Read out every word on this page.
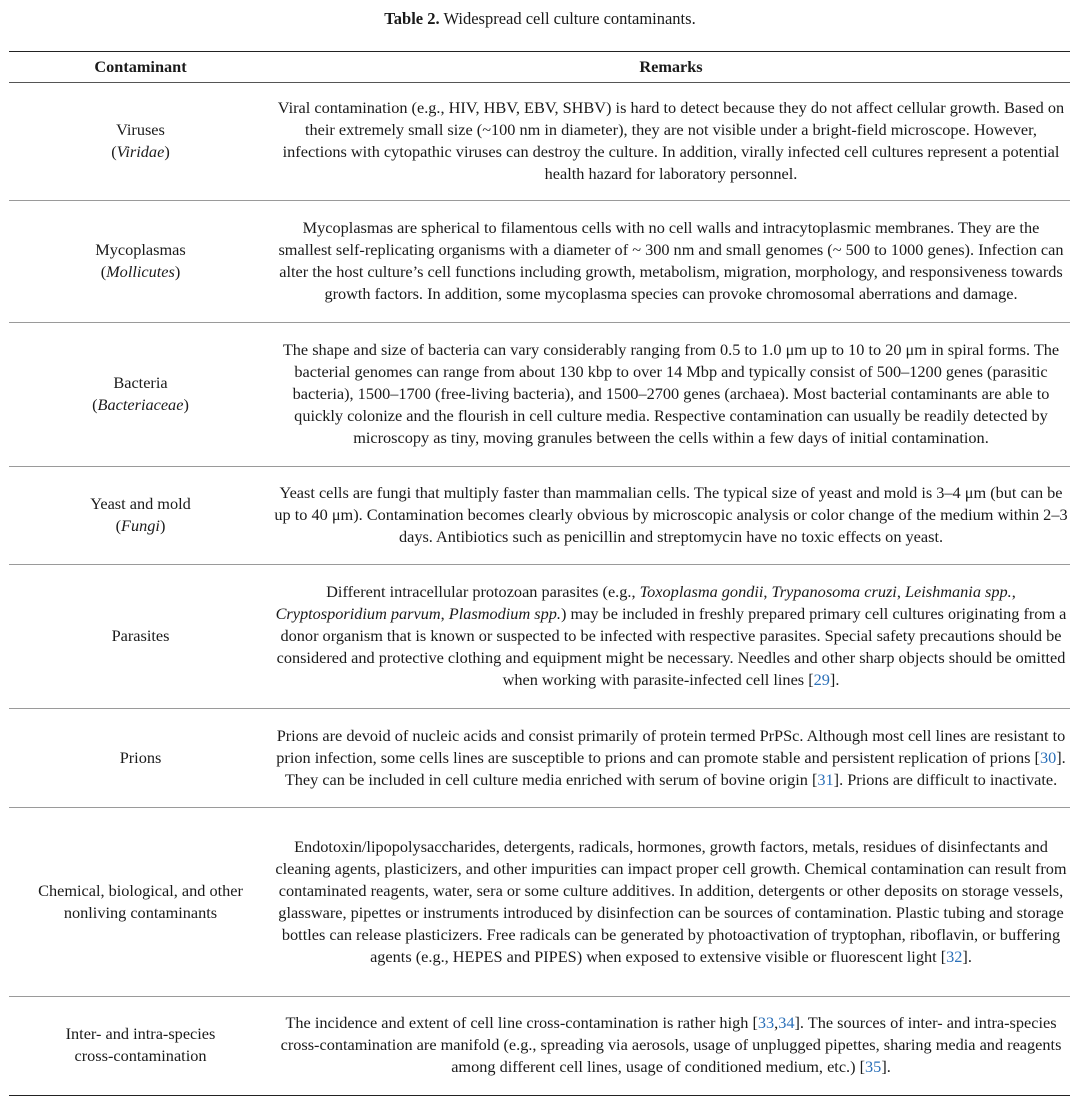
Table 2. Widespread cell culture contaminants.
Contaminant	Remarks
Viruses
(Viridae)	Viral contamination (e.g., HIV, HBV, EBV, SHBV) is hard to detect because they do not affect cellular growth. Based on their extremely small size (~100 nm in diameter), they are not visible under a bright-field microscope. However, infections with cytopathic viruses can destroy the culture. In addition, virally infected cell cultures represent a potential health hazard for laboratory personnel.
Mycoplasmas
(Mollicutes)	Mycoplasmas are spherical to filamentous cells with no cell walls and intracytoplasmic membranes. They are the smallest self-replicating organisms with a diameter of ~ 300 nm and small genomes (~ 500 to 1000 genes). Infection can alter the host culture’s cell functions including growth, metabolism, migration, morphology, and responsiveness towards growth factors. In addition, some mycoplasma species can provoke chromosomal aberrations and damage.
Bacteria
(Bacteriaceae)	The shape and size of bacteria can vary considerably ranging from 0.5 to 1.0 μm up to 10 to 20 μm in spiral forms. The bacterial genomes can range from about 130 kbp to over 14 Mbp and typically consist of 500–1200 genes (parasitic bacteria), 1500–1700 (free-living bacteria), and 1500–2700 genes (archaea). Most bacterial contaminants are able to quickly colonize and the flourish in cell culture media. Respective contamination can usually be readily detected by microscopy as tiny, moving granules between the cells within a few days of initial contamination.
Yeast and mold
(Fungi)	Yeast cells are fungi that multiply faster than mammalian cells. The typical size of yeast and mold is 3–4 μm (but can be up to 40 μm). Contamination becomes clearly obvious by microscopic analysis or color change of the medium within 2–3 days. Antibiotics such as penicillin and streptomycin have no toxic effects on yeast.
Parasites	Different intracellular protozoan parasites (e.g., Toxoplasma gondii, Trypanosoma cruzi, Leishmania spp., Cryptosporidium parvum, Plasmodium spp.) may be included in freshly prepared primary cell cultures originating from a donor organism that is known or suspected to be infected with respective parasites. Special safety precautions should be considered and protective clothing and equipment might be necessary. Needles and other sharp objects should be omitted when working with parasite-infected cell lines [29].
Prions	Prions are devoid of nucleic acids and consist primarily of protein termed PrPSc. Although most cell lines are resistant to prion infection, some cells lines are susceptible to prions and can promote stable and persistent replication of prions [30]. They can be included in cell culture media enriched with serum of bovine origin [31]. Prions are difficult to inactivate.
Chemical, biological, and other nonliving contaminants	Endotoxin/lipopolysaccharides, detergents, radicals, hormones, growth factors, metals, residues of disinfectants and cleaning agents, plasticizers, and other impurities can impact proper cell growth. Chemical contamination can result from contaminated reagents, water, sera or some culture additives. In addition, detergents or other deposits on storage vessels, glassware, pipettes or instruments introduced by disinfection can be sources of contamination. Plastic tubing and storage bottles can release plasticizers. Free radicals can be generated by photoactivation of tryptophan, riboflavin, or buffering agents (e.g., HEPES and PIPES) when exposed to extensive visible or fluorescent light [32].
Inter- and intra-species cross-contamination	The incidence and extent of cell line cross-contamination is rather high [33,34]. The sources of inter- and intra-species cross-contamination are manifold (e.g., spreading via aerosols, usage of unplugged pipettes, sharing media and reagents among different cell lines, usage of conditioned medium, etc.) [35].
